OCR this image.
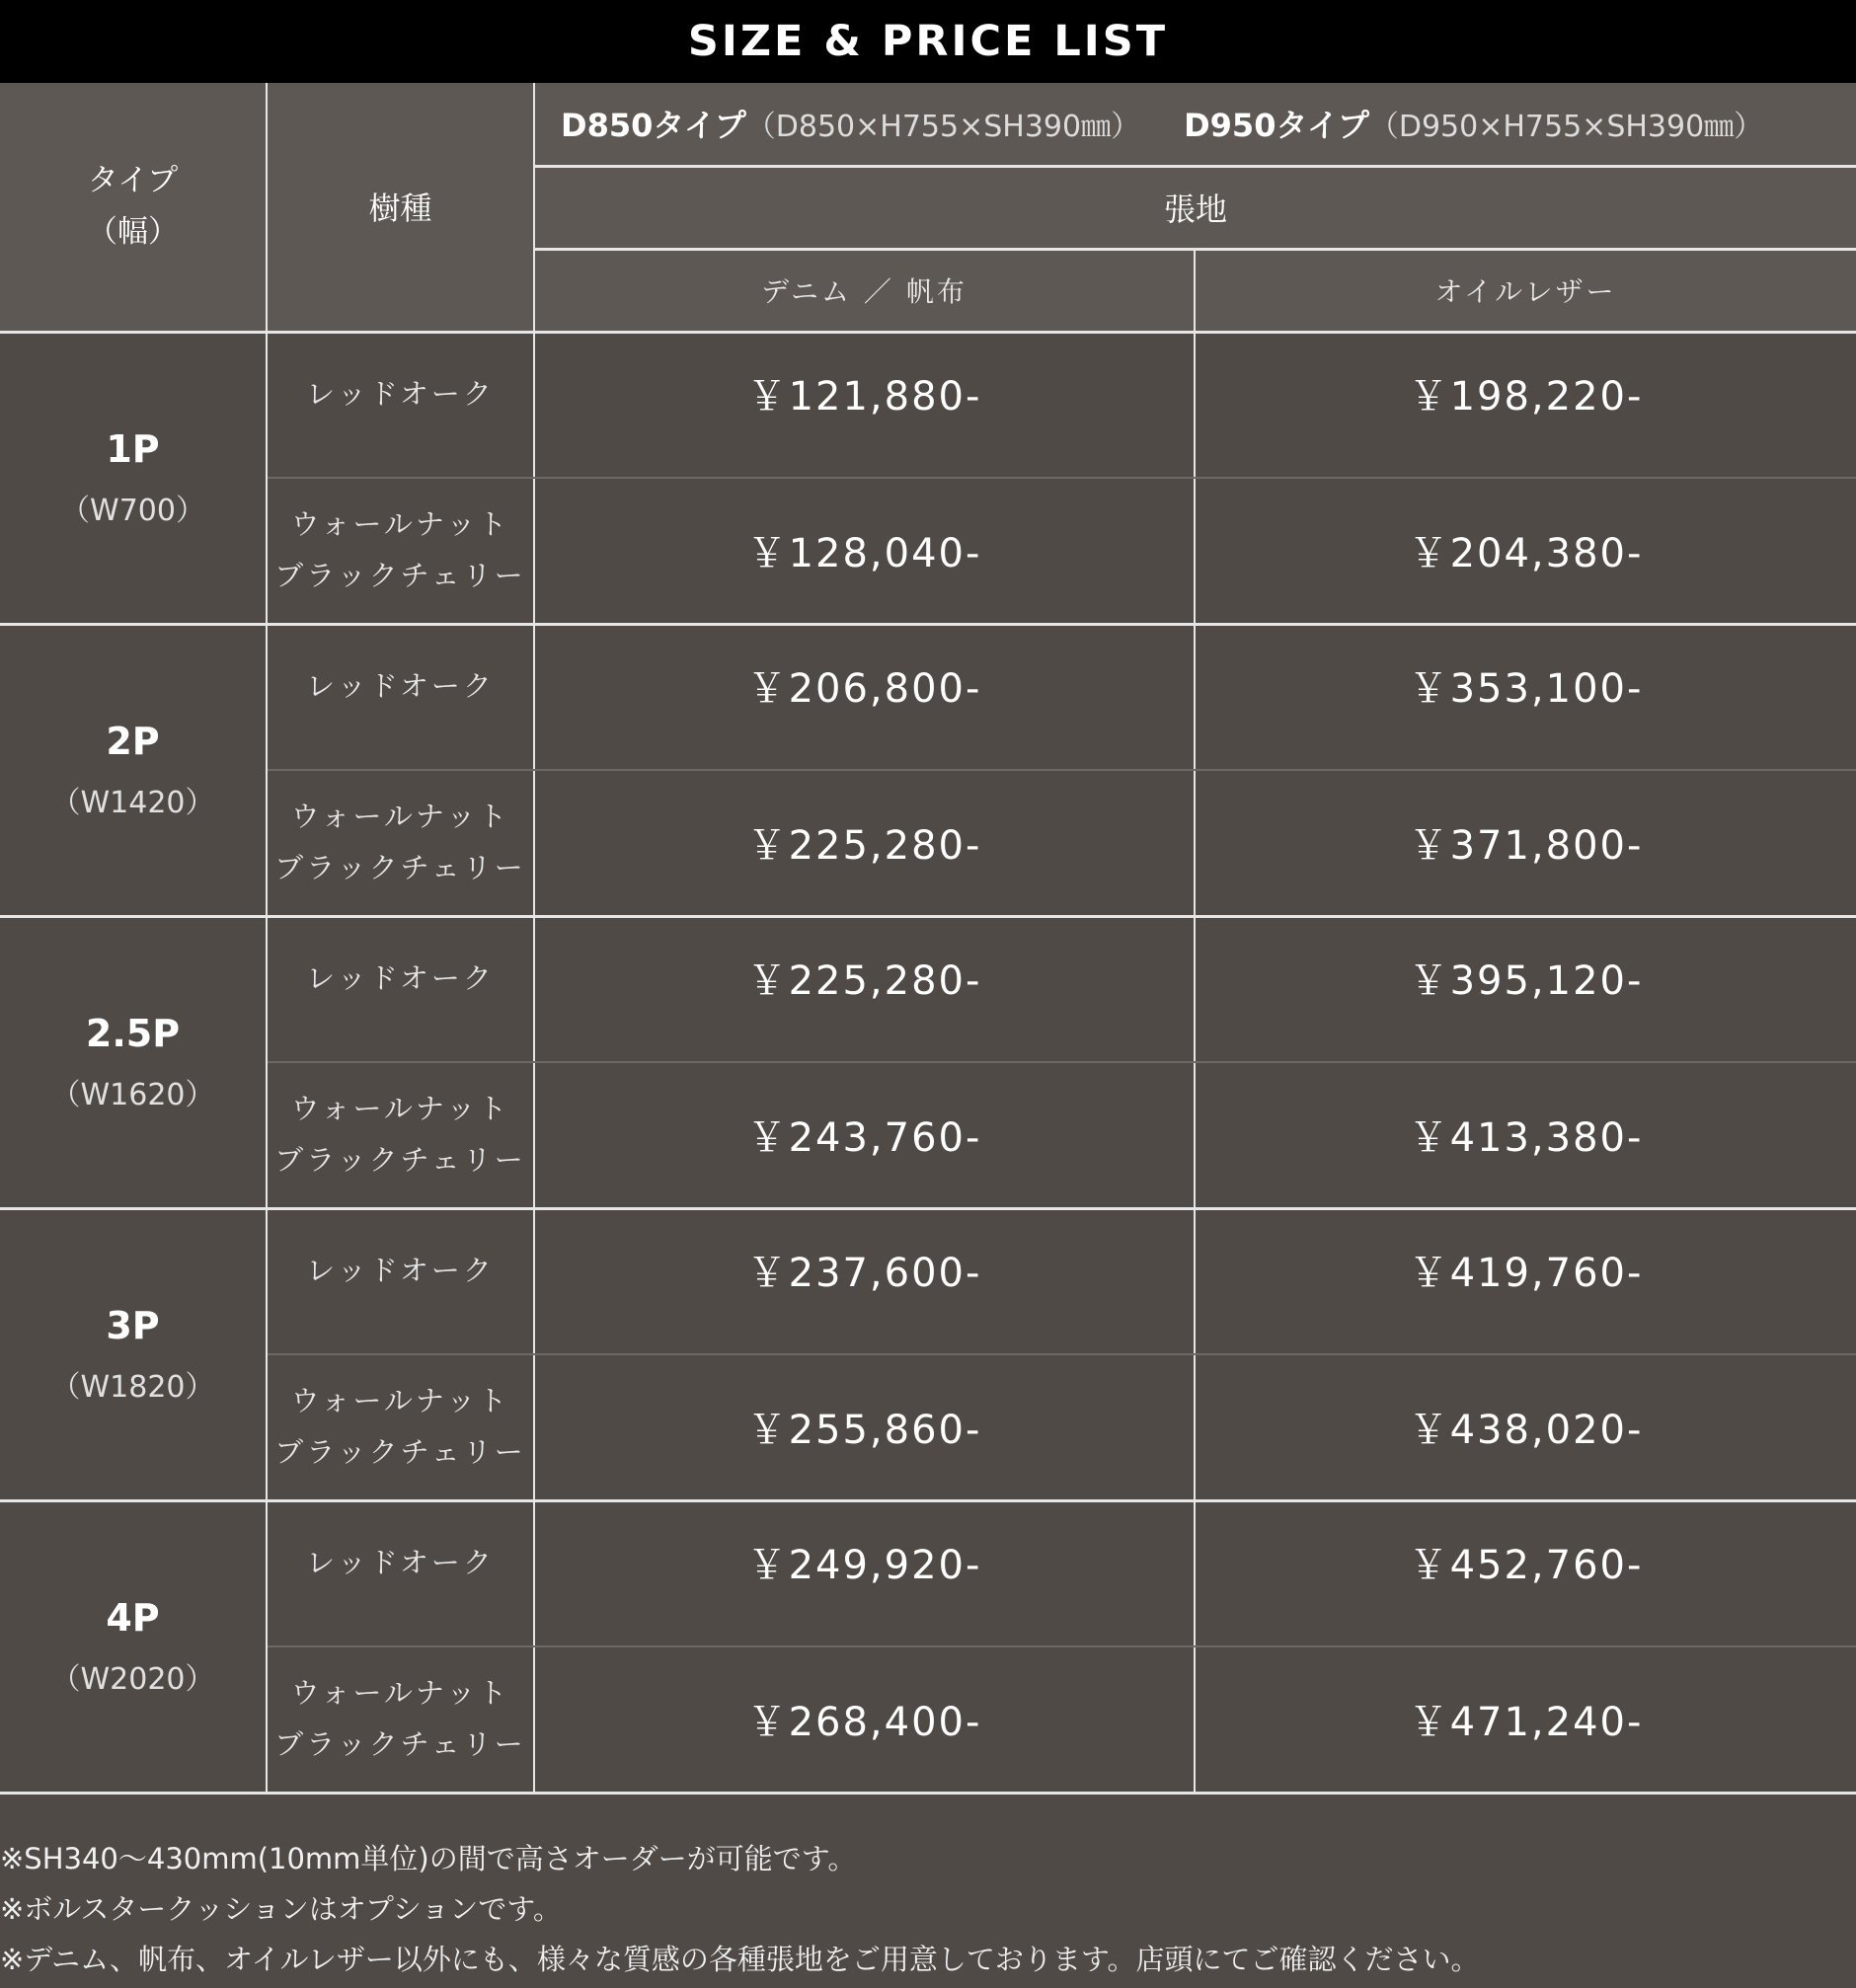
SIZE & PRICE LIST
タイプ
（幅）	樹種	D850タイプ（D850×H755×SH390㎜） D950タイプ（D950×H755×SH390㎜）	
		張地	
		デニム ／ 帆布	オイルレザー

1P
（W700）	レッドオーク	￥121,880-	￥198,220-
	ウォールナット
ブラックチェリー	￥128,040-	￥204,380-

2P
（W1420）	レッドオーク	￥206,800-	￥353,100-
	ウォールナット
ブラックチェリー	￥225,280-	￥371,800-

2.5P
（W1620）	レッドオーク	￥225,280-	￥395,120-
	ウォールナット
ブラックチェリー	￥243,760-	￥413,380-

3P
（W1820）	レッドオーク	￥237,600-	￥419,760-
	ウォールナット
ブラックチェリー	￥255,860-	￥438,020-

4P
（W2020）	レッドオーク	￥249,920-	￥452,760-
	ウォールナット
ブラックチェリー	￥268,400-	￥471,240-
※SH340〜430mm(10mm単位)の間で高さオーダーが可能です。
※ボルスタークッションはオプションです。
※デニム、帆布、オイルレザー以外にも、様々な質感の各種張地をご用意しております。店頭にてご確認ください。
